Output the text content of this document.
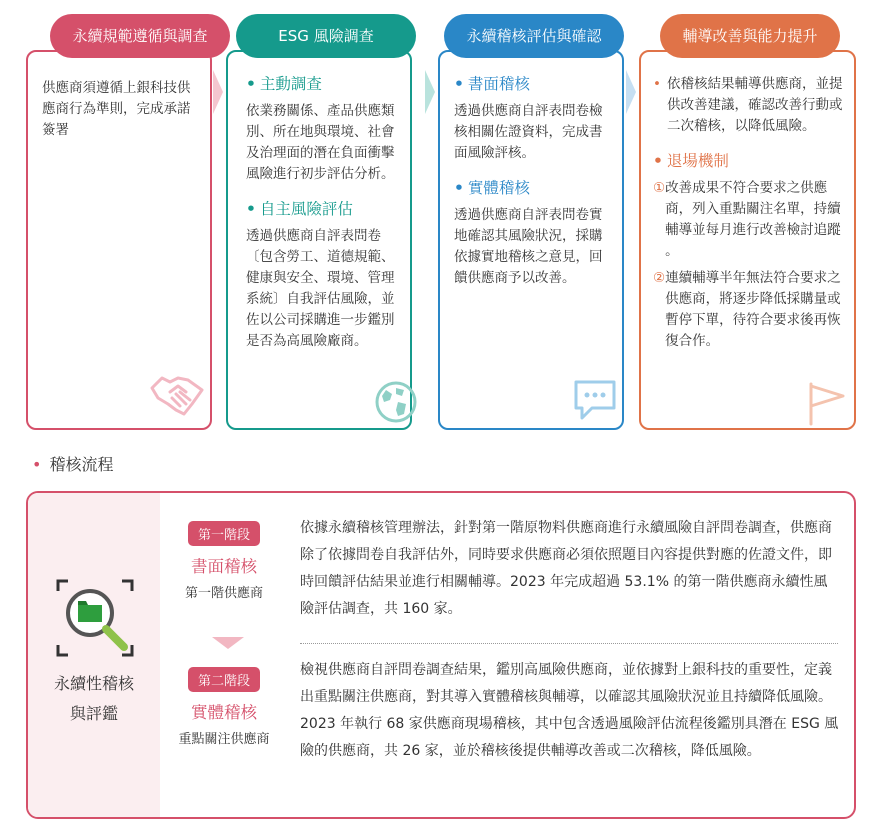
永續規範遵循與調查
供應商須遵循上銀科技供應商行為準則，完成承諾簽署
ESG 風險調查
• 主動調查
依業務關係、產品供應類別、所在地與環境、社會及治理面的潛在負面衝擊風險進行初步評估分析。
• 自主風險評估
透過供應商自評表問卷〔包含勞工、道德規範、健康與安全、環境、管理系統〕自我評估風險，並佐以公司採購進一步鑑別是否為高風險廠商。
永續稽核評估與確認
• 書面稽核
透過供應商自評表問卷檢核相關佐證資料，完成書面風險評核。
• 實體稽核
透過供應商自評表問卷實地確認其風險狀況，採購依據實地稽核之意見，回饋供應商予以改善。
輔導改善與能力提升
• 依稽核結果輔導供應商，並提供改善建議，確認改善行動或二次稽核，以降低風險。
• 退場機制
① 改善成果不符合要求之供應商，列入重點關注名單，持續輔導並每月進行改善檢討追蹤 。
② 連續輔導半年無法符合要求之供應商，將逐步降低採購量或暫停下單，待符合要求後再恢復合作。
• 稽核流程
永續性稽核
與評鑑
第一階段
書面稽核
第一階供應商
依據永續稽核管理辦法，針對第一階原物料供應商進行永續風險自評問卷調查，供應商除了依據問卷自我評估外，同時要求供應商必須依照題目內容提供對應的佐證文件，即時回饋評估結果並進行相關輔導。2023 年完成超過 53.1% 的第一階供應商永續性風險評估調查，共 160 家。
第二階段
實體稽核
重點關注供應商
檢視供應商自評問卷調查結果，鑑別高風險供應商，並依據對上銀科技的重要性，定義出重點關注供應商，對其導入實體稽核與輔導，以確認其風險狀況並且持續降低風險。2023 年執行 68 家供應商現場稽核，其中包含透過風險評估流程後鑑別具潛在 ESG 風險的供應商，共 26 家，並於稽核後提供輔導改善或二次稽核，降低風險。
